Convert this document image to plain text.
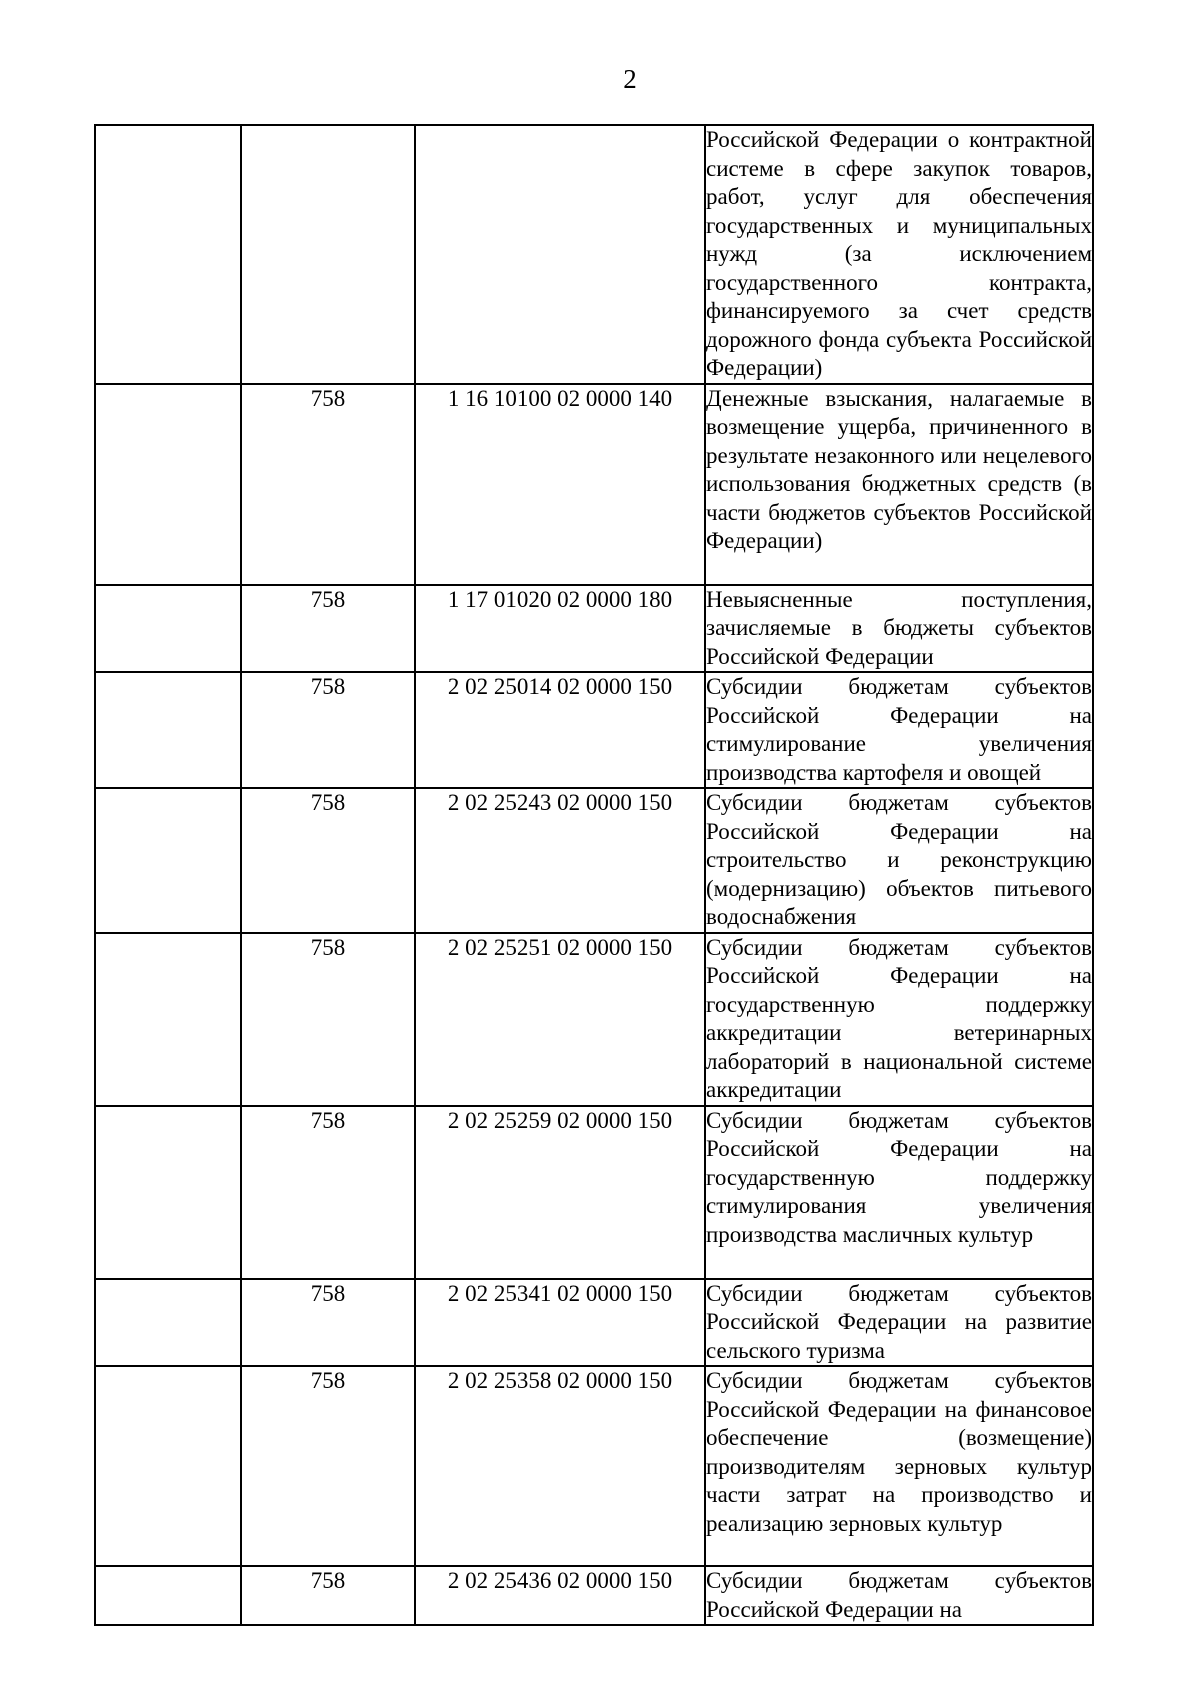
2
			Российской Федерации о контрактной системе в сфере закупок товаров, работ, услуг для обеспечения государственных и муниципальных нужд (за исключением государственного контракта, финансируемого за счет средств дорожного фонда субъекта Российской Федерации)
	758	1 16 10100 02 0000 140	Денежные взыскания, налагаемые в возмещение ущерба, причиненного в результате незаконного или нецелевого использования бюджетных средств (в части бюджетов субъектов Российской Федерации)
	758	1 17 01020 02 0000 180	Невыясненные поступления, зачисляемые в бюджеты субъектов Российской Федерации
	758	2 02 25014 02 0000 150	Субсидии бюджетам субъектов Российской Федерации на стимулирование увеличения производства картофеля и овощей
	758	2 02 25243 02 0000 150	Субсидии бюджетам субъектов Российской Федерации на строительство и реконструкцию (модернизацию) объектов питьевого водоснабжения
	758	2 02 25251 02 0000 150	Субсидии бюджетам субъектов Российской Федерации на государственную поддержку аккредитации ветеринарных лабораторий в национальной системе аккредитации
	758	2 02 25259 02 0000 150	Субсидии бюджетам субъектов Российской Федерации на государственную поддержку стимулирования увеличения производства масличных культур
	758	2 02 25341 02 0000 150	Субсидии бюджетам субъектов Российской Федерации на развитие сельского туризма
	758	2 02 25358 02 0000 150	Субсидии бюджетам субъектов Российской Федерации на финансовое обеспечение (возмещение) производителям зерновых культур части затрат на производство и реализацию зерновых культур
	758	2 02 25436 02 0000 150	Субсидии бюджетам субъектов Российской Федерации на
